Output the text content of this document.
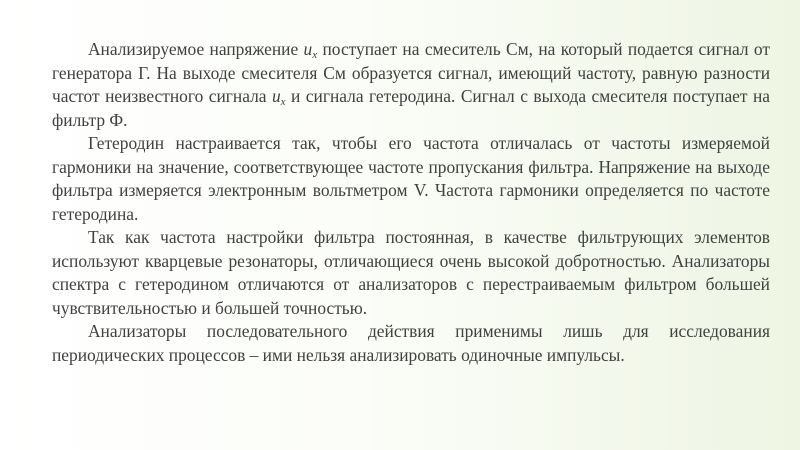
Анализируемое напряжение $u_x$ поступает на смеситель См, на который подается сигнал от генератора Г. На выходе смесителя См образуется сигнал, имеющий частоту, равную разности частот неизвестного сигнала $u_x$ и сигнала гетеродина. Сигнал с выхода смесителя поступает на фильтр Ф.

Гетеродин настраивается так, чтобы его частота отличалась от частоты измеряемой гармоники на значение, соответствующее частоте пропускания фильтра. Напряжение на выходе фильтра измеряется электронным вольтметром V. Частота гармоники определяется по частоте гетеродина.

Так как частота настройки фильтра постоянная, в качестве фильтрующих элементов используют кварцевые резонаторы, отличающиеся очень высокой добротностью. Анализаторы спектра с гетеродином отличаются от анализаторов с перестраиваемым фильтром большей чувствительностью и большей точностью.

Анализаторы последовательного действия применимы лишь для исследования периодических процессов – ими нельзя анализировать одиночные импульсы.
